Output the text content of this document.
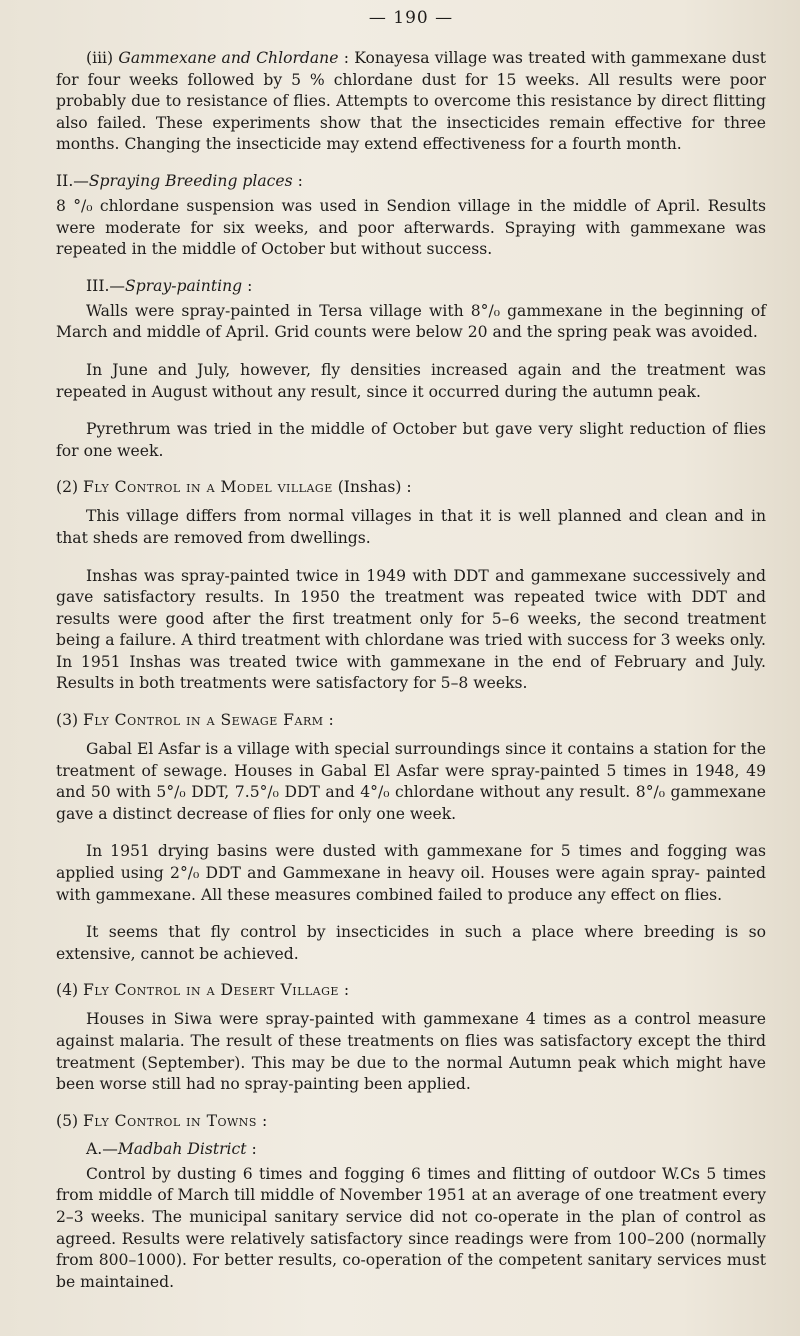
— 190 —

(iii) Gammexane and Chlordane : Konayesa village was treated with gammexane dust for four weeks followed by 5 % chlordane dust for 15 weeks. All results were poor probably due to resistance of flies. Attempts to overcome this resistance by direct flitting also failed. These experiments show that the insecticides remain effective for three months. Changing the insecticide may extend effectiveness for a fourth month.

II.—Spraying Breeding places :

8 °/₀ chlordane suspension was used in Sendion village in the middle of April. Results were moderate for six weeks, and poor afterwards. Spraying with gammexane was repeated in the middle of October but without success.

III.—Spray-painting :

Walls were spray-painted in Tersa village with 8°/₀ gammexane in the beginning of March and middle of April. Grid counts were below 20 and the spring peak was avoided.

In June and July, however, fly densities increased again and the treatment was repeated in August without any result, since it occurred during the autumn peak.

Pyrethrum was tried in the middle of October but gave very slight reduction of flies for one week.

(2) Fly Control in a Model village (Inshas) :

This village differs from normal villages in that it is well planned and clean and in that sheds are removed from dwellings.

Inshas was spray-painted twice in 1949 with DDT and gammexane successively and gave satisfactory results. In 1950 the treatment was repeated twice with DDT and results were good after the first treatment only for 5–6 weeks, the second treatment being a failure. A third treatment with chlordane was tried with success for 3 weeks only. In 1951 Inshas was treated twice with gammexane in the end of February and July. Results in both treatments were satisfactory for 5–8 weeks.

(3) Fly Control in a Sewage Farm :

Gabal El Asfar is a village with special surroundings since it contains a station for the treatment of sewage. Houses in Gabal El Asfar were spray-painted 5 times in 1948, 49 and 50 with 5°/₀ DDT, 7.5°/₀ DDT and 4°/₀ chlordane without any result. 8°/₀ gammexane gave a distinct decrease of flies for only one week.

In 1951 drying basins were dusted with gammexane for 5 times and fogging was applied using 2°/₀ DDT and Gammexane in heavy oil. Houses were again spray- painted with gammexane. All these measures combined failed to produce any effect on flies.

It seems that fly control by insecticides in such a place where breeding is so extensive, cannot be achieved.

(4) Fly Control in a Desert Village :

Houses in Siwa were spray-painted with gammexane 4 times as a control measure against malaria. The result of these treatments on flies was satisfactory except the third treatment (September). This may be due to the normal Autumn peak which might have been worse still had no spray-painting been applied.

(5) Fly Control in Towns :
A.—Madbah District :

Control by dusting 6 times and fogging 6 times and flitting of outdoor W.Cs 5 times from middle of March till middle of November 1951 at an average of one treatment every 2–3 weeks. The municipal sanitary service did not co-operate in the plan of control as agreed. Results were relatively satisfactory since readings were from 100–200 (normally from 800–1000). For better results, co-operation of the competent sanitary services must be maintained.
